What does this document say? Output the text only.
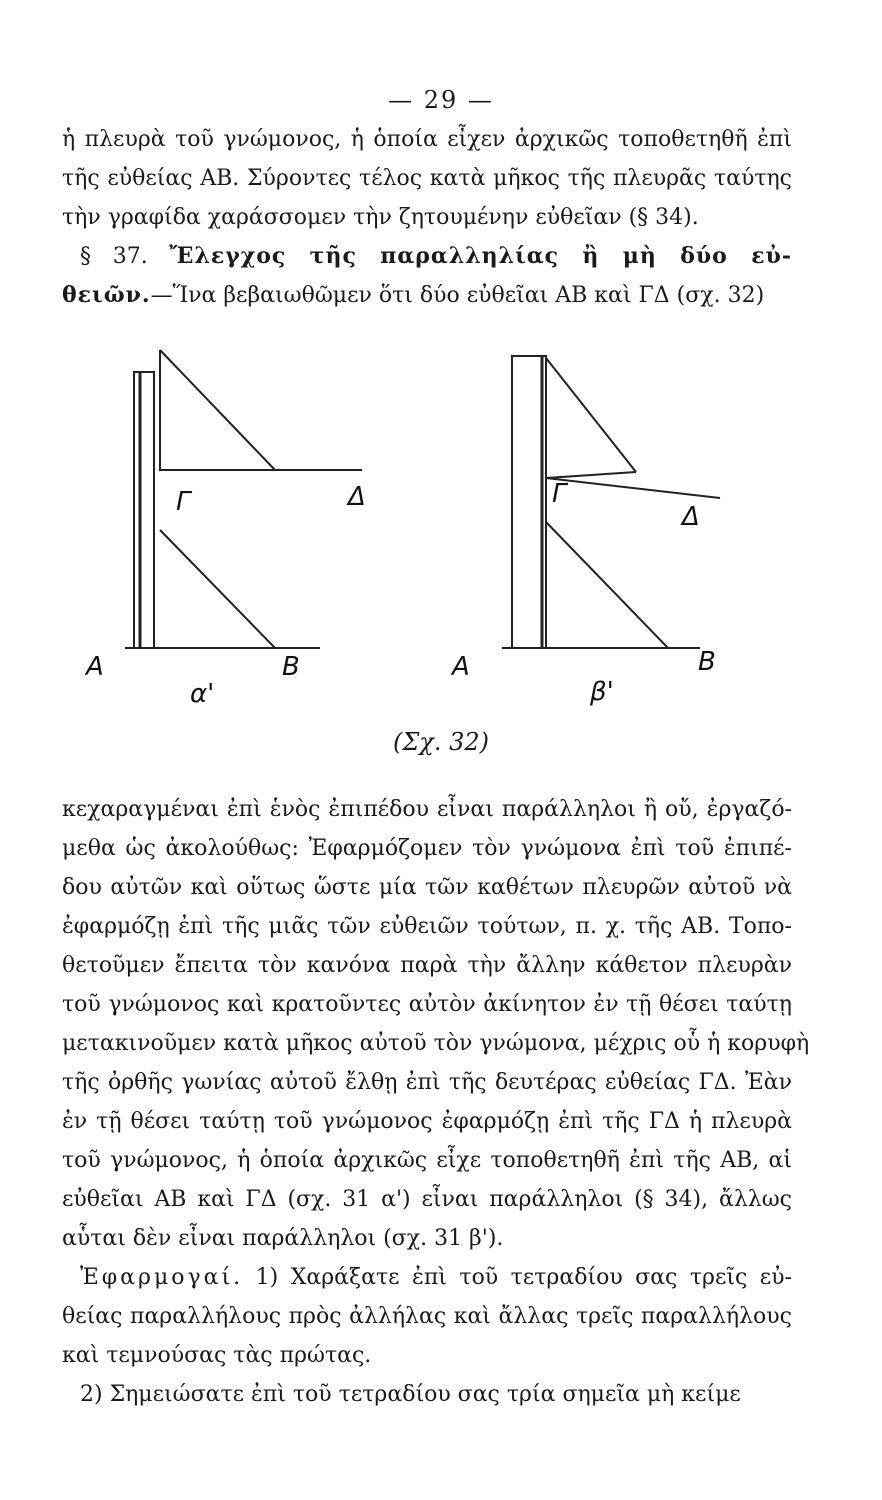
— 29 —
ἡ πλευρὰ τοῦ γνώμονος, ἡ ὁποία εἶχεν ἀρχικῶς τοποθετηθῆ ἐπὶ
τῆς εὐθείας ΑΒ. Σύροντες τέλος κατὰ μῆκος τῆς πλευρᾶς ταύτης
τὴν γραφίδα χαράσσομεν τὴν ζητουμένην εὐθεῖαν (§ 34).
§ 37. Ἔλεγχος τῆς παραλληλίας ἢ μὴ δύο εὐ-
θειῶν.—Ἵνα βεβαιωθῶμεν ὅτι δύο εὐθεῖαι ΑΒ καὶ ΓΔ (σχ. 32)
Γ	Δ
Α	Β
α'
Γ
Δ
Α	Β
β'
(Σχ. 32)
κεχαραγμέναι ἐπὶ ἑνὸς ἐπιπέδου εἶναι παράλληλοι ἢ οὔ, ἐργαζό-
μεθα ὡς ἀκολούθως: Ἐφαρμόζομεν τὸν γνώμονα ἐπὶ τοῦ ἐπιπέ-
δου αὐτῶν καὶ οὕτως ὥστε μία τῶν καθέτων πλευρῶν αὐτοῦ νὰ
ἐφαρμόζῃ ἐπὶ τῆς μιᾶς τῶν εὐθειῶν τούτων, π. χ. τῆς ΑΒ. Τοπο-
θετοῦμεν ἔπειτα τὸν κανόνα παρὰ τὴν ἄλλην κάθετον πλευρὰν
τοῦ γνώμονος καὶ κρατοῦντες αὐτὸν ἀκίνητον ἐν τῇ θέσει ταύτῃ
μετακινοῦμεν κατὰ μῆκος αὐτοῦ τὸν γνώμονα, μέχρις οὗ ἡ κορυφὴ
τῆς ὀρθῆς γωνίας αὐτοῦ ἔλθῃ ἐπὶ τῆς δευτέρας εὐθείας ΓΔ. Ἐὰν
ἐν τῇ θέσει ταύτῃ τοῦ γνώμονος ἐφαρμόζῃ ἐπὶ τῆς ΓΔ ἡ πλευρὰ
τοῦ γνώμονος, ἡ ὁποία ἀρχικῶς εἶχε τοποθετηθῆ ἐπὶ τῆς ΑΒ, αἱ
εὐθεῖαι ΑΒ καὶ ΓΔ (σχ. 31 α') εἶναι παράλληλοι (§ 34), ἄλλως
αὗται δὲν εἶναι παράλληλοι (σχ. 31 β').
Ἐφαρμογαί. 1) Χαράξατε ἐπὶ τοῦ τετραδίου σας τρεῖς εὐ-
θείας παραλλήλους πρὸς ἀλλήλας καὶ ἄλλας τρεῖς παραλλήλους
καὶ τεμνούσας τὰς πρώτας.
2) Σημειώσατε ἐπὶ τοῦ τετραδίου σας τρία σημεῖα μὴ κείμε
